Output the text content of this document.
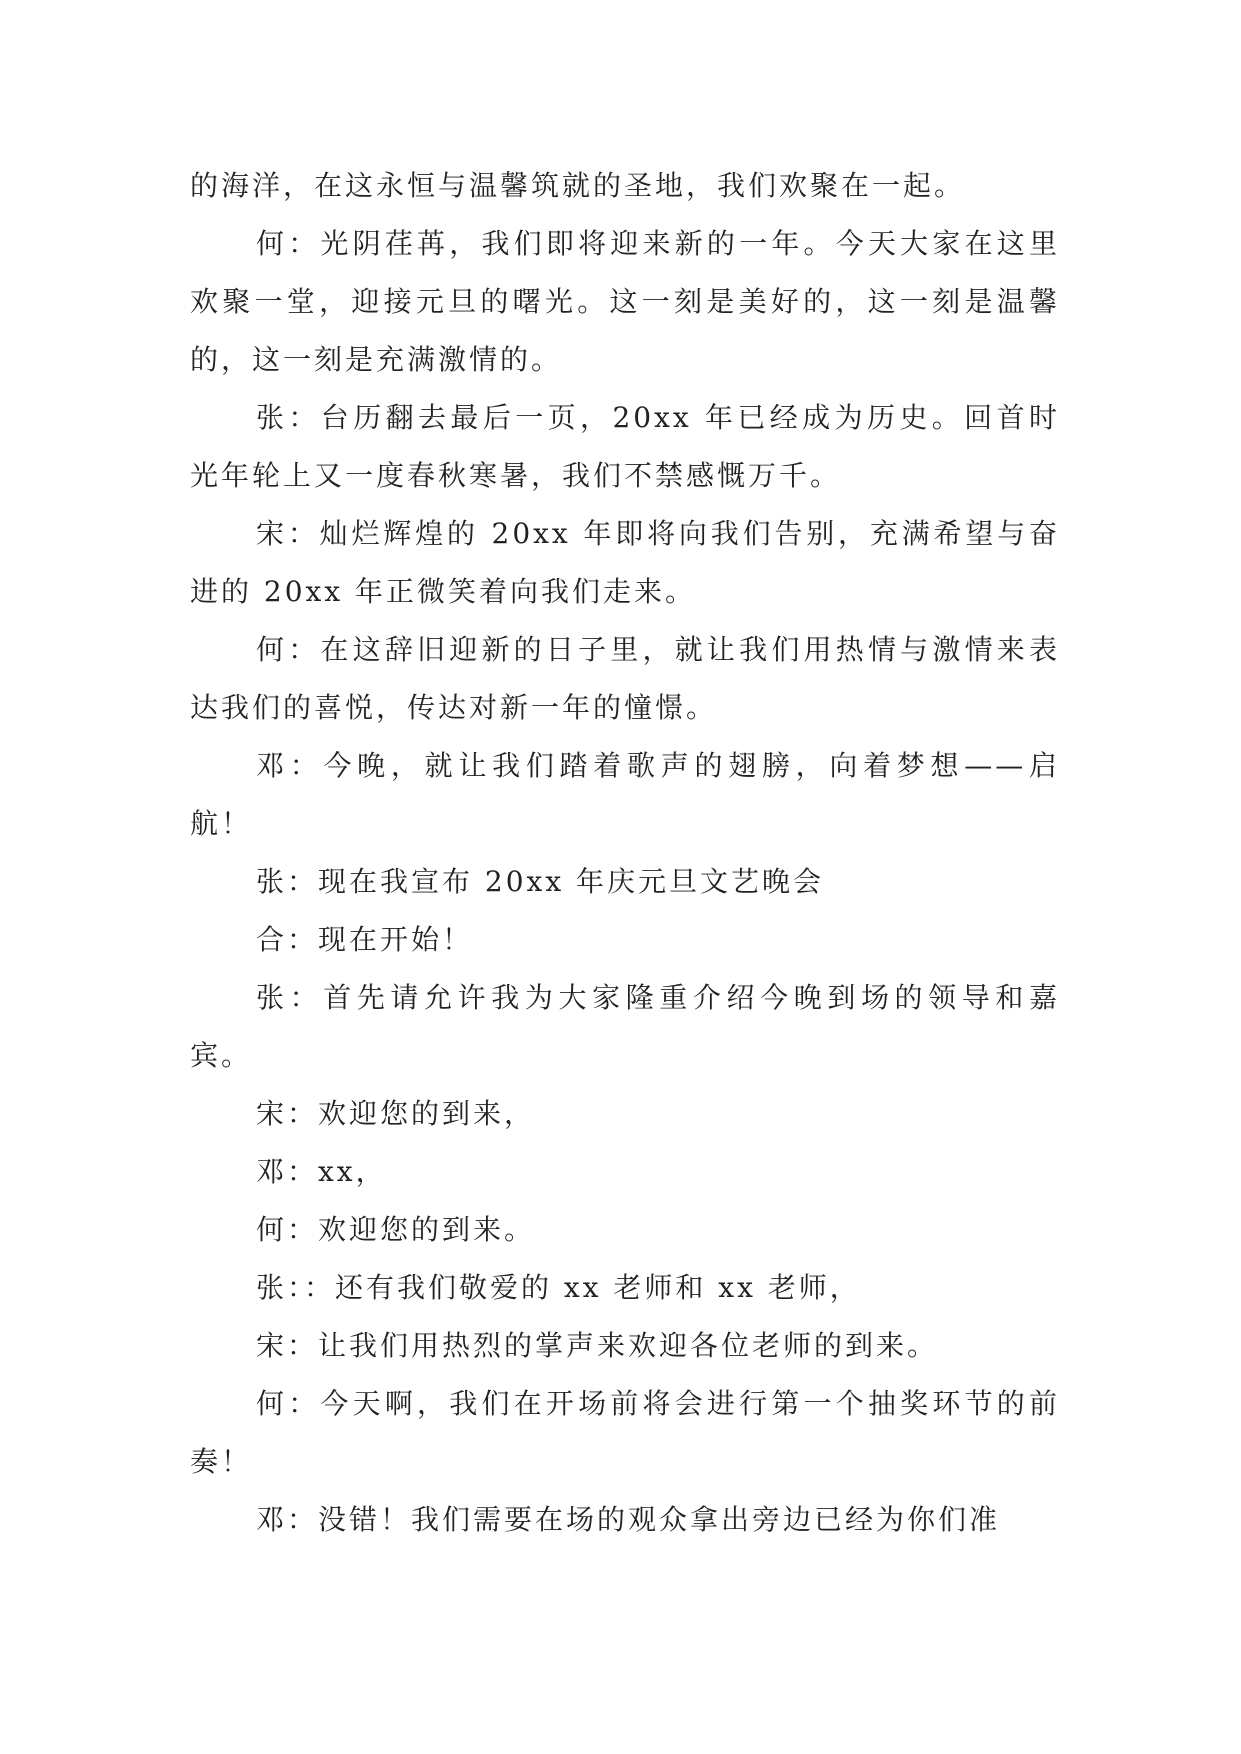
的海洋，在这永恒与温馨筑就的圣地，我们欢聚在一起。

何：光阴荏苒，我们即将迎来新的一年。今天大家在这里欢聚一堂，迎接元旦的曙光。这一刻是美好的，这一刻是温馨的，这一刻是充满激情的。

张：台历翻去最后一页，20xx 年已经成为历史。回首时光年轮上又一度春秋寒暑，我们不禁感慨万千。

宋：灿烂辉煌的 20xx 年即将向我们告别，充满希望与奋进的 20xx 年正微笑着向我们走来。

何：在这辞旧迎新的日子里，就让我们用热情与激情来表达我们的喜悦，传达对新一年的憧憬。

邓：今晚，就让我们踏着歌声的翅膀，向着梦想——启航！

张：现在我宣布 20xx 年庆元旦文艺晚会

合：现在开始！

张：首先请允许我为大家隆重介绍今晚到场的领导和嘉宾。

宋：欢迎您的到来，

邓：xx，

何：欢迎您的到来。

张：：还有我们敬爱的 xx 老师和 xx 老师，

宋：让我们用热烈的掌声来欢迎各位老师的到来。

何：今天啊，我们在开场前将会进行第一个抽奖环节的前奏！

邓：没错！我们需要在场的观众拿出旁边已经为你们准
